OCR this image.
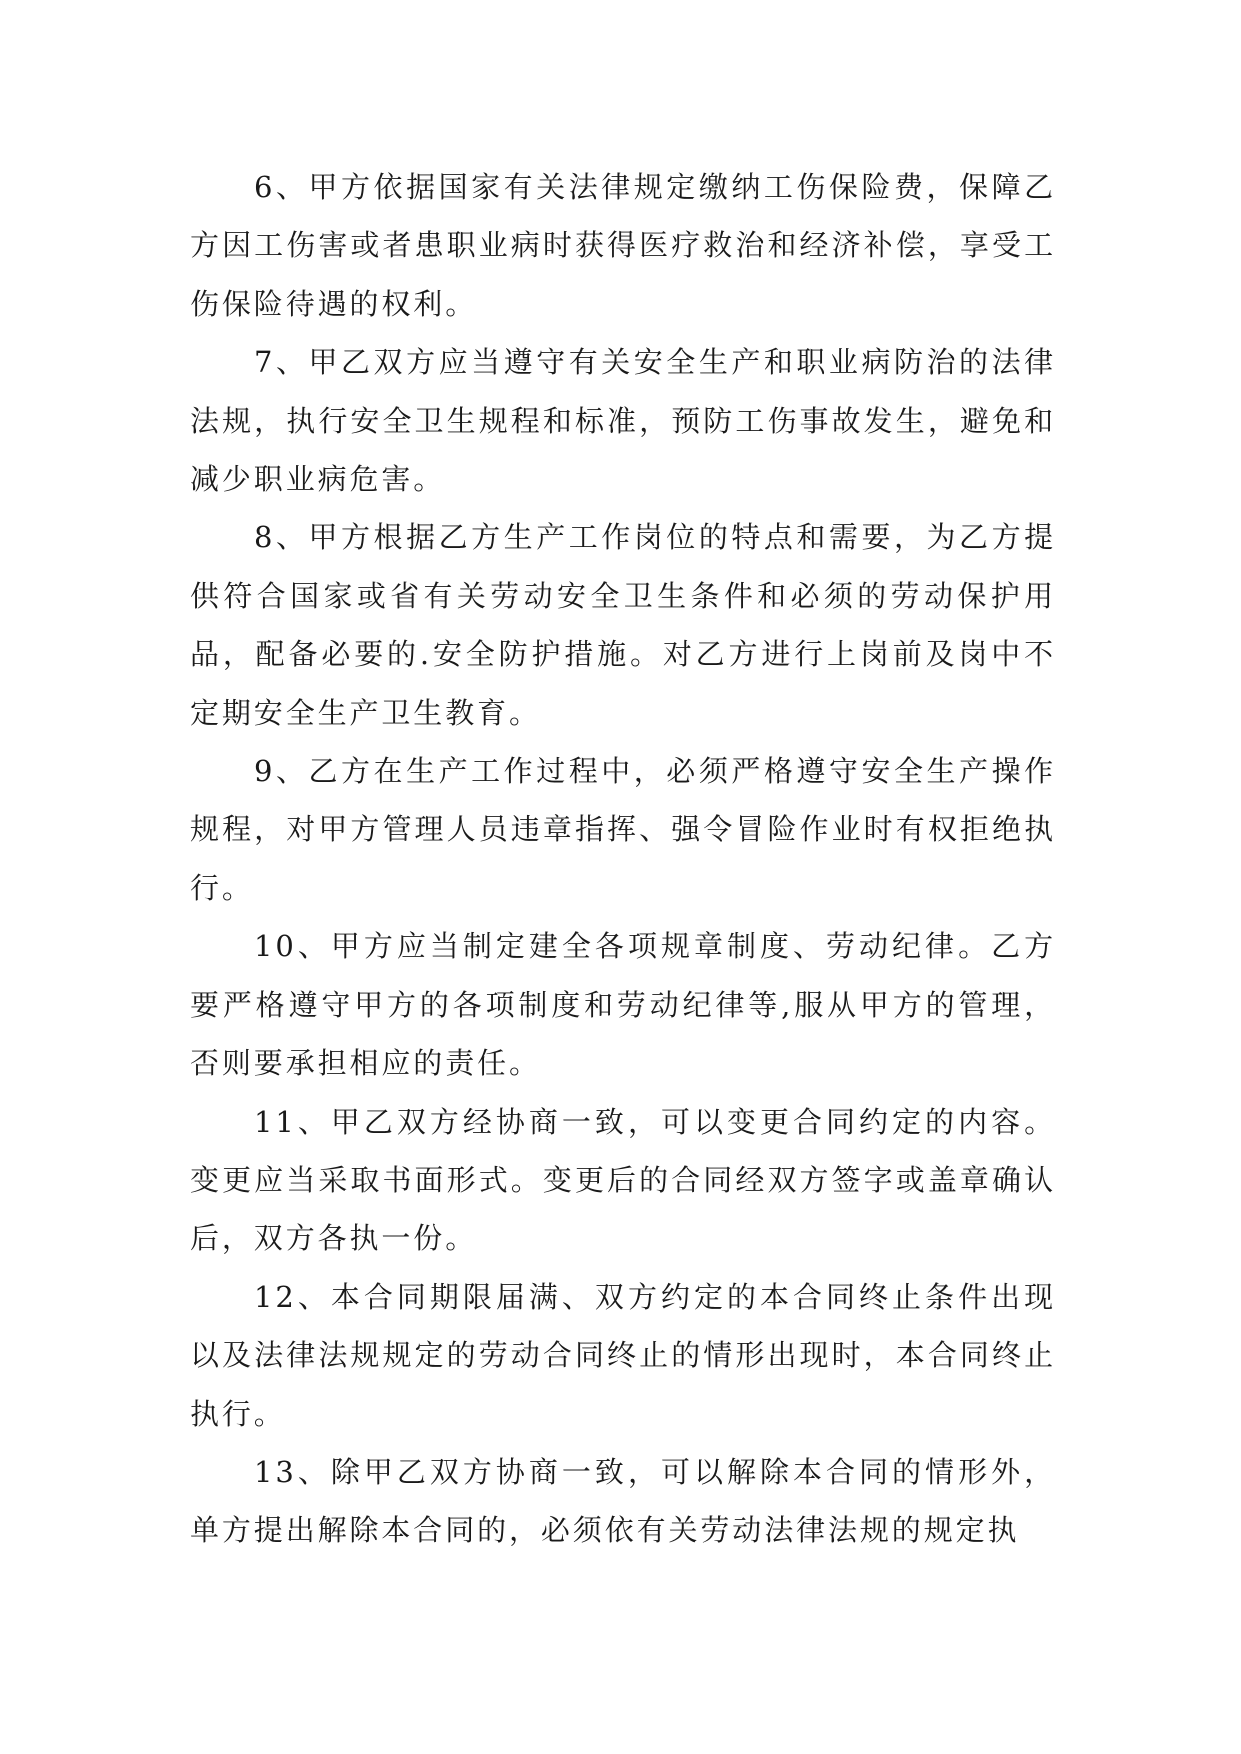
6、甲方依据国家有关法律规定缴纳工伤保险费，保障乙方因工伤害或者患职业病时获得医疗救治和经济补偿，享受工伤保险待遇的权利。

7、甲乙双方应当遵守有关安全生产和职业病防治的法律法规，执行安全卫生规程和标准，预防工伤事故发生，避免和减少职业病危害。

8、甲方根据乙方生产工作岗位的特点和需要，为乙方提供符合国家或省有关劳动安全卫生条件和必须的劳动保护用品，配备必要的.安全防护措施。对乙方进行上岗前及岗中不定期安全生产卫生教育。

9、乙方在生产工作过程中，必须严格遵守安全生产操作规程，对甲方管理人员违章指挥、强令冒险作业时有权拒绝执行。

10、甲方应当制定建全各项规章制度、劳动纪律。乙方要严格遵守甲方的各项制度和劳动纪律等,服从甲方的管理，否则要承担相应的责任。

11、甲乙双方经协商一致，可以变更合同约定的内容。变更应当采取书面形式。变更后的合同经双方签字或盖章确认后，双方各执一份。

12、本合同期限届满、双方约定的本合同终止条件出现以及法律法规规定的劳动合同终止的情形出现时，本合同终止执行。

13、除甲乙双方协商一致，可以解除本合同的情形外，单方提出解除本合同的，必须依有关劳动法律法规的规定执
